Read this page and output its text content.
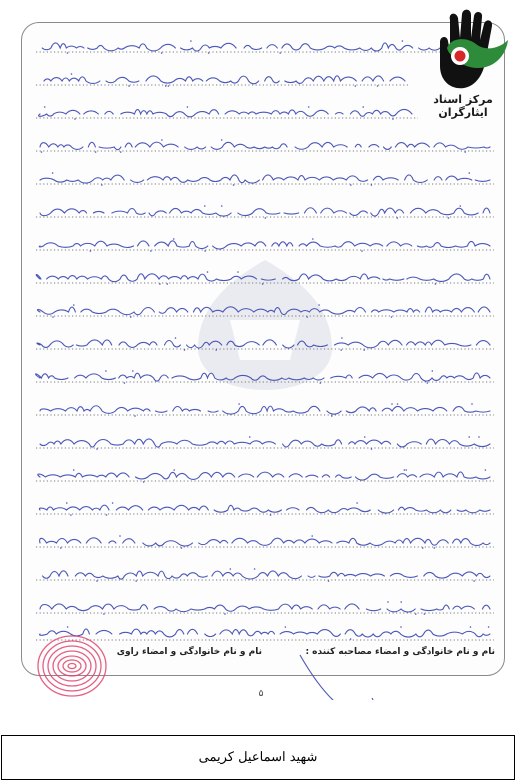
مرکز اسناد ایثارگران
نام و نام خانوادگی و امضاء مصاحبه کننده :
نام و نام خانوادگی و امضاء راوی
۵
شهید اسماعیل کریمی
